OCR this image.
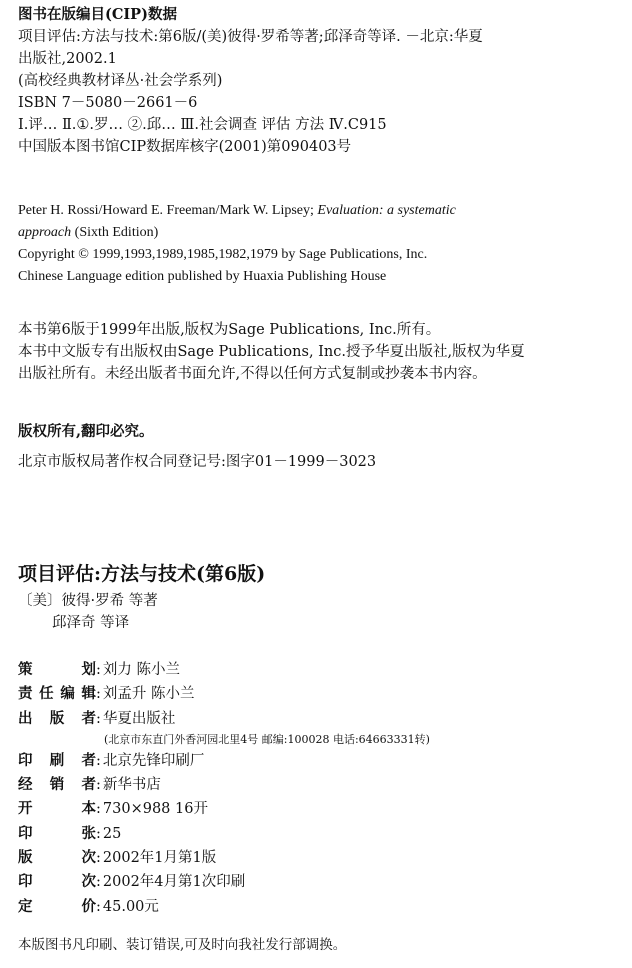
图书在版编目(CIP)数据
项目评估:方法与技术:第6版/(美)彼得·罗希等著;邱泽奇等译. －北京:华夏
出版社,2002.1
(高校经典教材译丛·社会学系列)
ISBN 7－5080－2661－6
Ⅰ.评… Ⅱ.①.罗… ②.邱… Ⅲ.社会调查 评估 方法 Ⅳ.C915
中国版本图书馆CIP数据库核字(2001)第090403号
Peter H. Rossi/Howard E. Freeman/Mark W. Lipsey; Evaluation: a systematic
approach (Sixth Edition)
Copyright © 1999,1993,1989,1985,1982,1979 by Sage Publications, Inc.
Chinese Language edition published by Huaxia Publishing House
本书第6版于1999年出版,版权为Sage Publications, Inc.所有。
本书中文版专有出版权由Sage Publications, Inc.授予华夏出版社,版权为华夏
出版社所有。未经出版者书面允许,不得以任何方式复制或抄袭本书内容。
版权所有,翻印必究。
北京市版权局著作权合同登记号:图字01－1999－3023
项目评估:方法与技术(第6版)
〔美〕彼得·罗希 等著
邱泽奇 等译
策	划 : 刘力 陈小兰
责 任 编 辑 : 刘孟升 陈小兰
出 版 者 : 华夏出版社
(北京市东直门外香河园北里4号 邮编:100028 电话:64663331转)
印 刷 者 : 北京先锋印刷厂
经 销 者 : 新华书店
开	本 : 730×988 16开
印	张 : 25
版	次 : 2002年1月第1版
印	次 : 2002年4月第1次印刷
定	价 : 45.00元
本版图书凡印刷、装订错误,可及时向我社发行部调换。
